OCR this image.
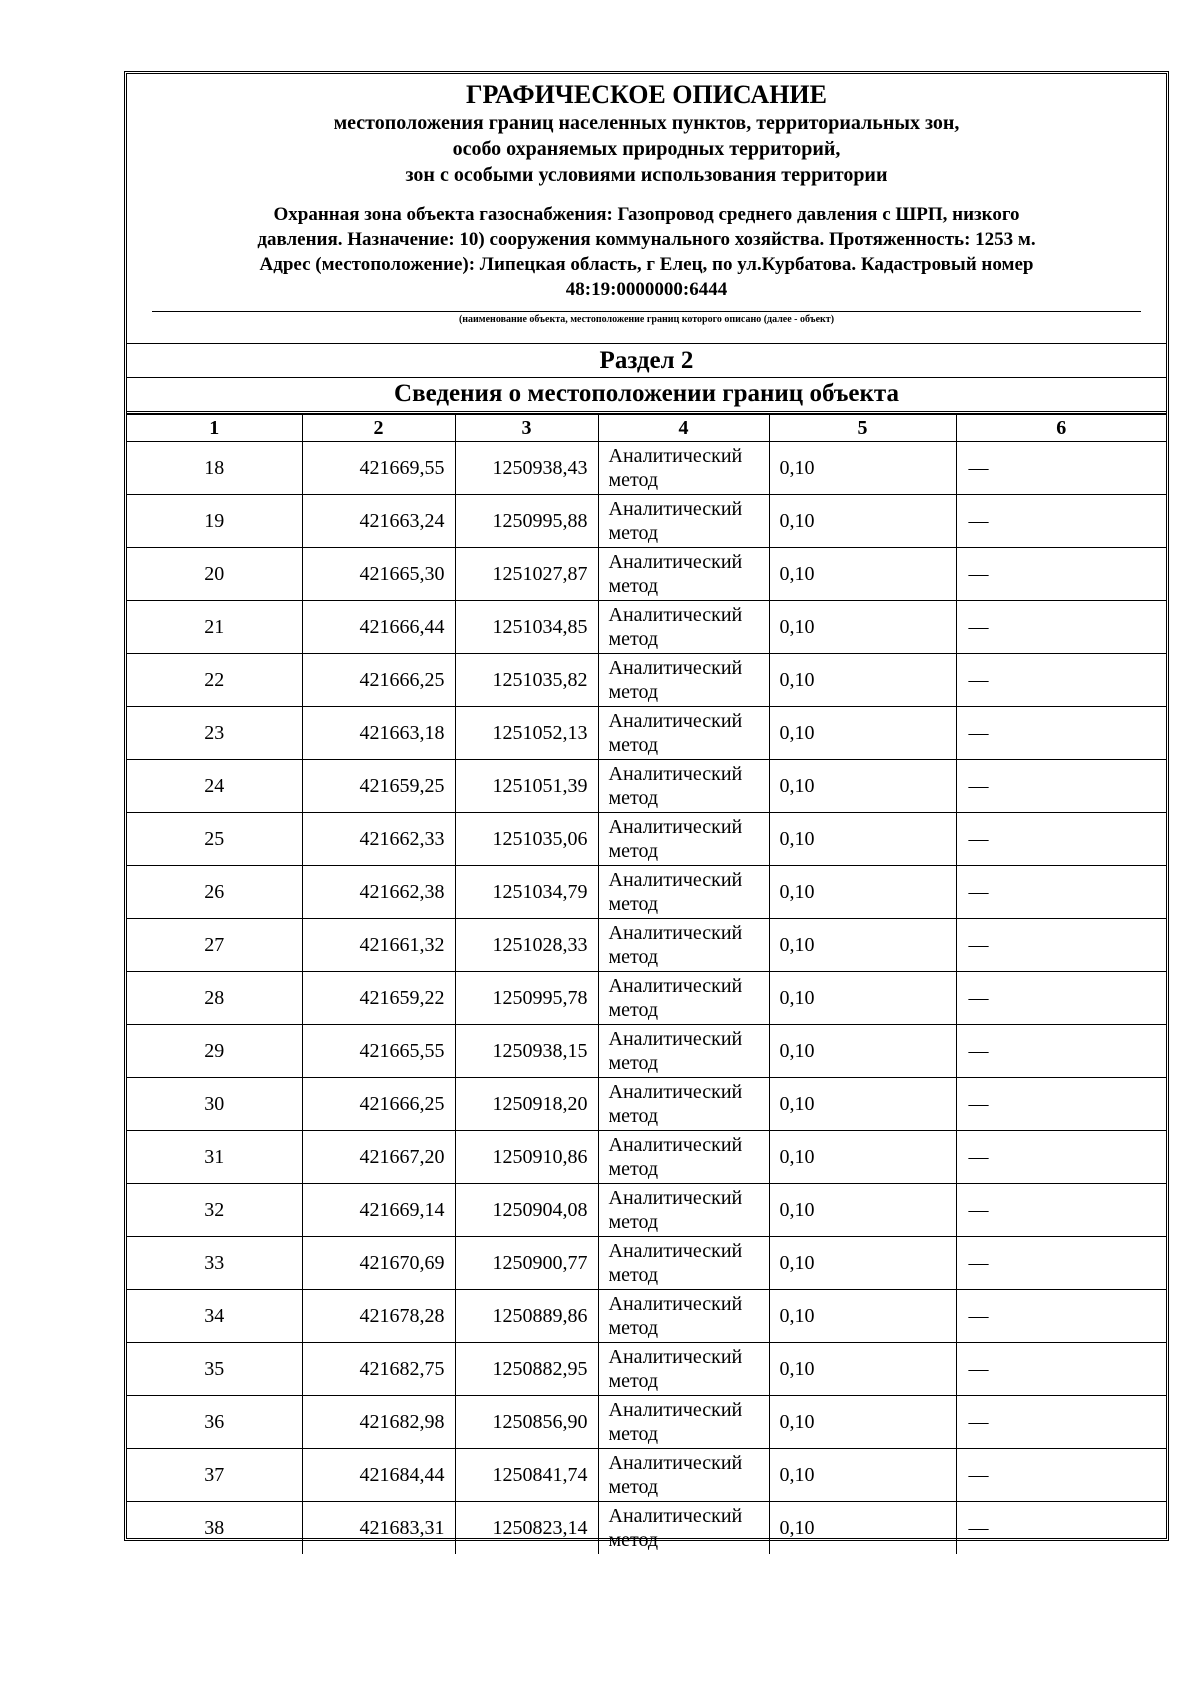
ГРАФИЧЕСКОЕ ОПИСАНИЕ
местоположения границ населенных пунктов, территориальных зон,
особо охраняемых природных территорий,
зон с особыми условиями использования территории
Охранная зона объекта газоснабжения: Газопровод среднего давления с ШРП, низкого
давления. Назначение: 10) сооружения коммунального хозяйства. Протяженность: 1253 м.
Адрес (местоположение): Липецкая область, г Елец, по ул.Курбатова. Кадастровый номер
48:19:0000000:6444
(наименование объекта, местоположение границ которого описано (далее - объект)
Раздел 2
Сведения о местоположении границ объекта
1	2	3	4	5	6
18	421669,55	1250938,43	Аналитический метод	0,10	—
19	421663,24	1250995,88	Аналитический метод	0,10	—
20	421665,30	1251027,87	Аналитический метод	0,10	—
21	421666,44	1251034,85	Аналитический метод	0,10	—
22	421666,25	1251035,82	Аналитический метод	0,10	—
23	421663,18	1251052,13	Аналитический метод	0,10	—
24	421659,25	1251051,39	Аналитический метод	0,10	—
25	421662,33	1251035,06	Аналитический метод	0,10	—
26	421662,38	1251034,79	Аналитический метод	0,10	—
27	421661,32	1251028,33	Аналитический метод	0,10	—
28	421659,22	1250995,78	Аналитический метод	0,10	—
29	421665,55	1250938,15	Аналитический метод	0,10	—
30	421666,25	1250918,20	Аналитический метод	0,10	—
31	421667,20	1250910,86	Аналитический метод	0,10	—
32	421669,14	1250904,08	Аналитический метод	0,10	—
33	421670,69	1250900,77	Аналитический метод	0,10	—
34	421678,28	1250889,86	Аналитический метод	0,10	—
35	421682,75	1250882,95	Аналитический метод	0,10	—
36	421682,98	1250856,90	Аналитический метод	0,10	—
37	421684,44	1250841,74	Аналитический метод	0,10	—
38	421683,31	1250823,14	Аналитический метод	0,10	—
